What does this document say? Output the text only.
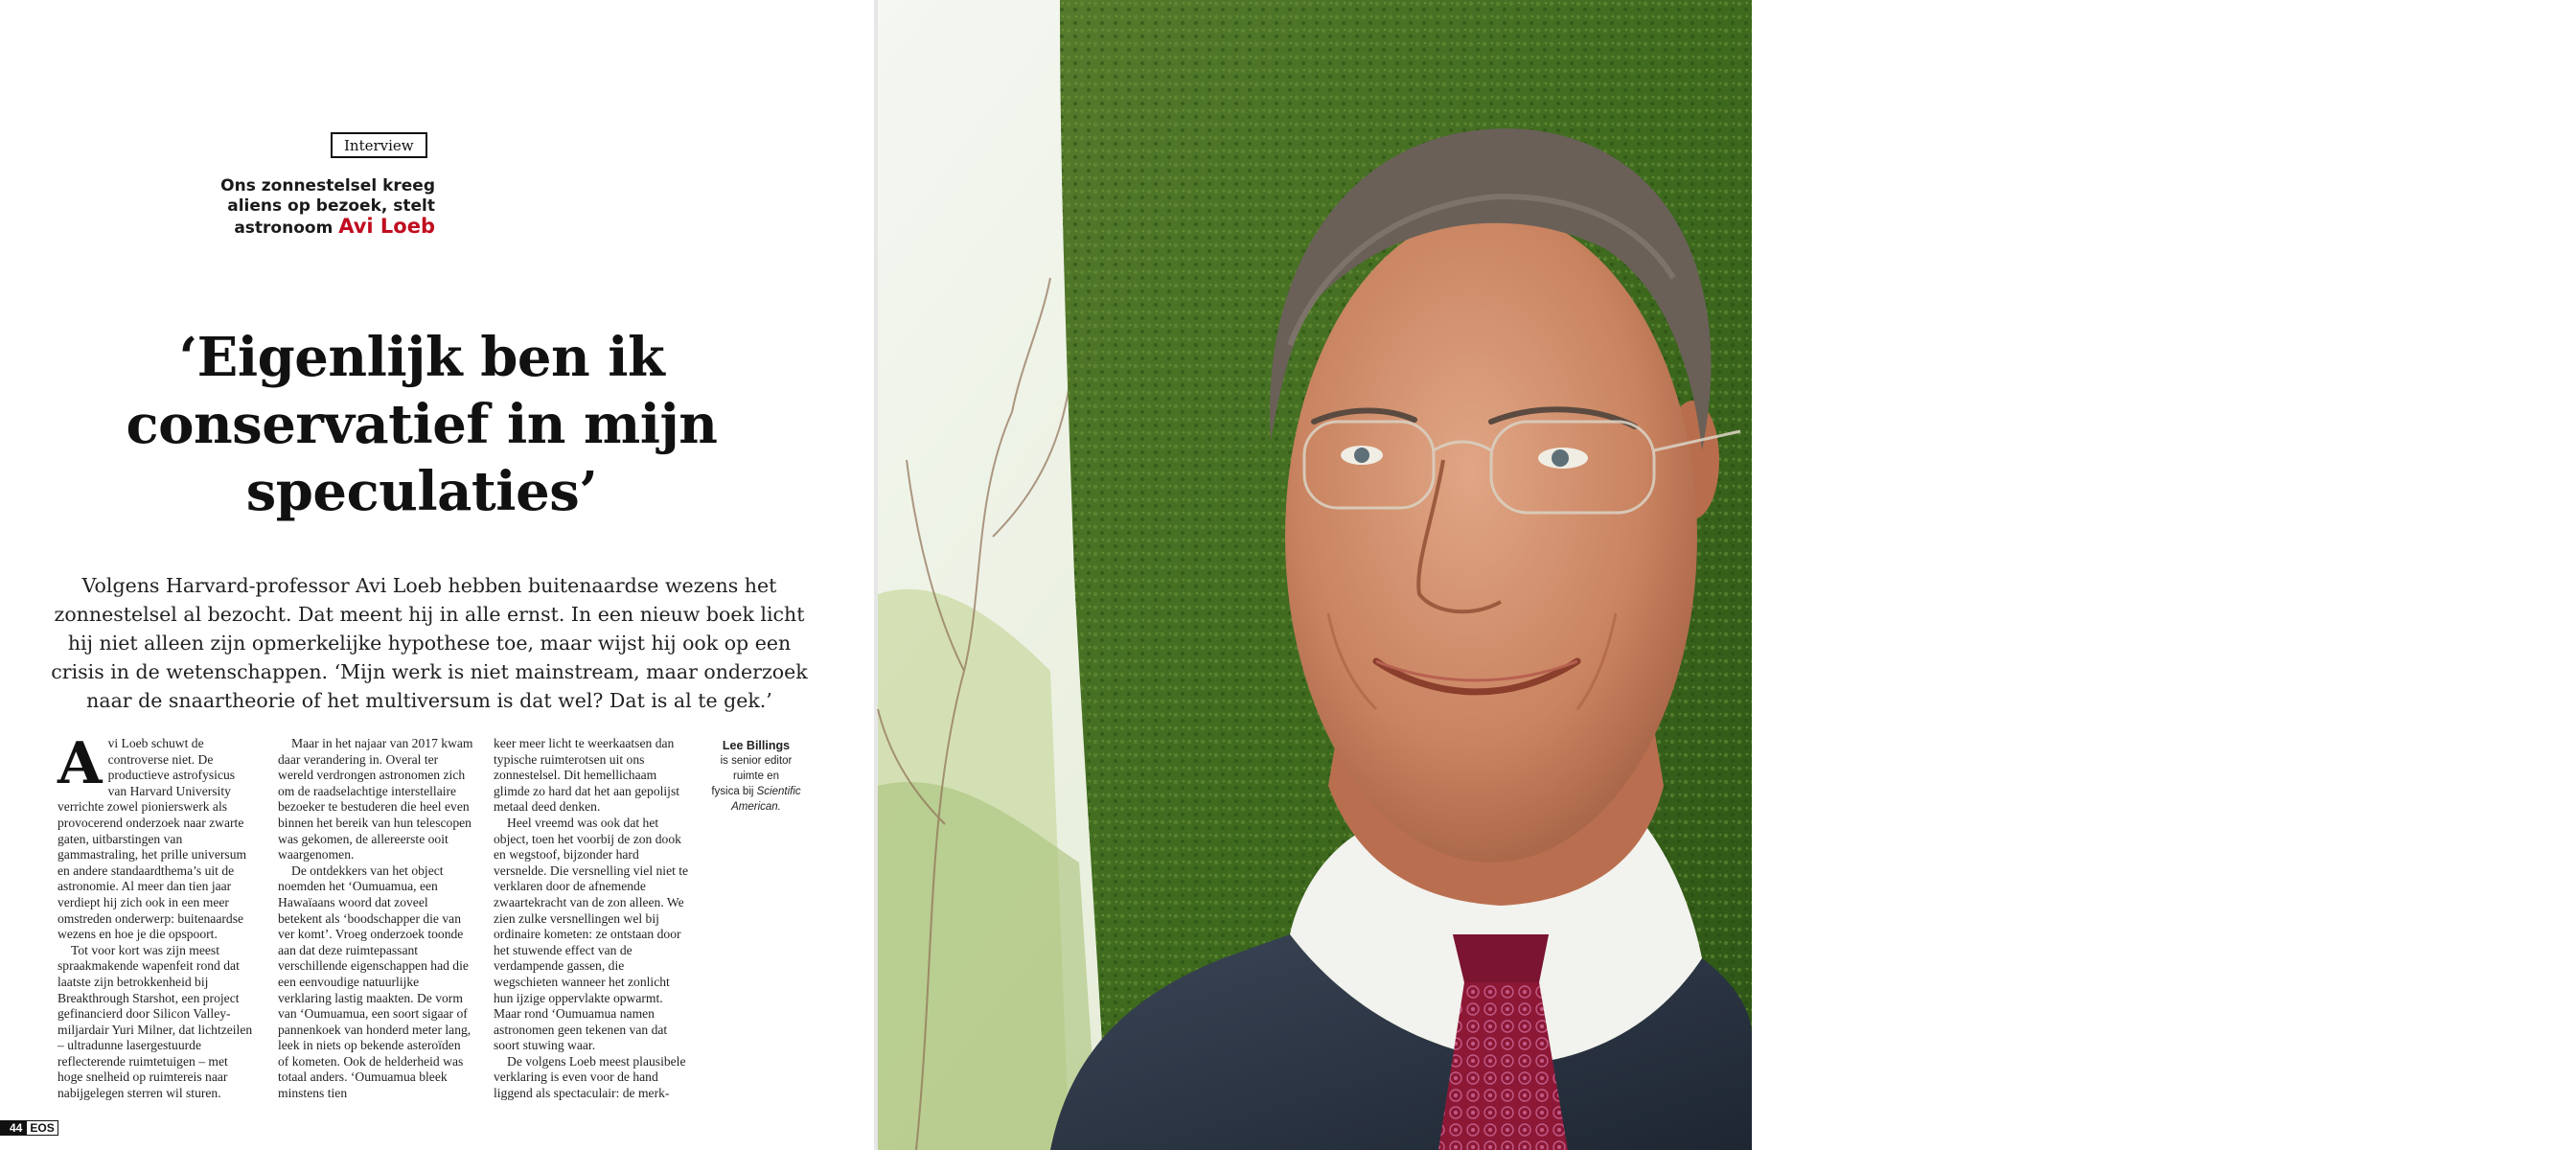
Interview
Ons zonnestelsel kreeg
aliens op bezoek, stelt
astronoom Avi Loeb
‘Eigenlijk ben ik
conservatief in mijn
speculaties’

Volgens Harvard-professor Avi Loeb hebben buitenaardse wezens het zonnestelsel al bezocht. Dat meent hij in alle ernst. In een nieuw boek licht hij niet alleen zijn opmerkelijke hypothese toe, maar wijst hij ook op een crisis in de wetenschappen. ‘Mijn werk is niet mainstream, maar onderzoek naar de snaartheorie of het multiversum is dat wel? Dat is al te gek.’

Avi Loeb schuwt de controverse niet. De productieve astrofysicus van Harvard University verrichte zowel pionierswerk als provocerend onderzoek naar zwarte gaten, uitbarstingen van gammastraling, het prille universum en andere standaardthema’s uit de astronomie. Al meer dan tien jaar verdiept hij zich ook in een meer omstreden onderwerp: buitenaardse wezens en hoe je die opspoort.

Tot voor kort was zijn meest spraakmakende wapenfeit rond dat laatste zijn betrokkenheid bij Breakthrough Starshot, een project gefinancierd door Silicon Valley-miljardair Yuri Milner, dat lichtzeilen – ultradunne lasergestuurde reflecterende ruimtetuigen – met hoge snelheid op ruimtereis naar nabijgelegen sterren wil sturen.

Maar in het najaar van 2017 kwam daar verandering in. Overal ter wereld verdrongen astronomen zich om de raadselachtige interstellaire bezoeker te bestuderen die heel even binnen het bereik van hun telescopen was gekomen, de allereerste ooit waargenomen.

De ontdekkers van het object noemden het ‘Oumuamua, een Hawaïaans woord dat zoveel betekent als ‘boodschapper die van ver komt’. Vroeg onderzoek toonde aan dat deze ruimtepassant verschillende eigenschappen had die een eenvoudige natuurlijke verklaring lastig maakten. De vorm van ‘Oumuamua, een soort sigaar of pannenkoek van honderd meter lang, leek in niets op bekende asteroïden of kometen. Ook de helderheid was totaal anders. ‘Oumuamua bleek minstens tien

keer meer licht te weerkaatsen dan typische ruimterotsen uit ons zonnestelsel. Dit hemellichaam glimde zo hard dat het aan gepolijst metaal deed denken.

Heel vreemd was ook dat het object, toen het voorbij de zon dook en wegstoof, bijzonder hard versnelde. Die versnelling viel niet te verklaren door de afnemende zwaartekracht van de zon alleen. We zien zulke versnellingen wel bij ordinaire kometen: ze ontstaan door het stuwende effect van de verdampende gassen, die wegschieten wanneer het zonlicht hun ijzige oppervlakte opwarmt. Maar rond ‘Oumuamua namen astronomen geen tekenen van dat soort stuwing waar.

De volgens Loeb meest plausibele verklaring is even voor de hand liggend als spectaculair: de merk-

Lee Billings
is senior editor
ruimte en
fysica bij Scientific American.
44 EOS
Lorem Loeb
